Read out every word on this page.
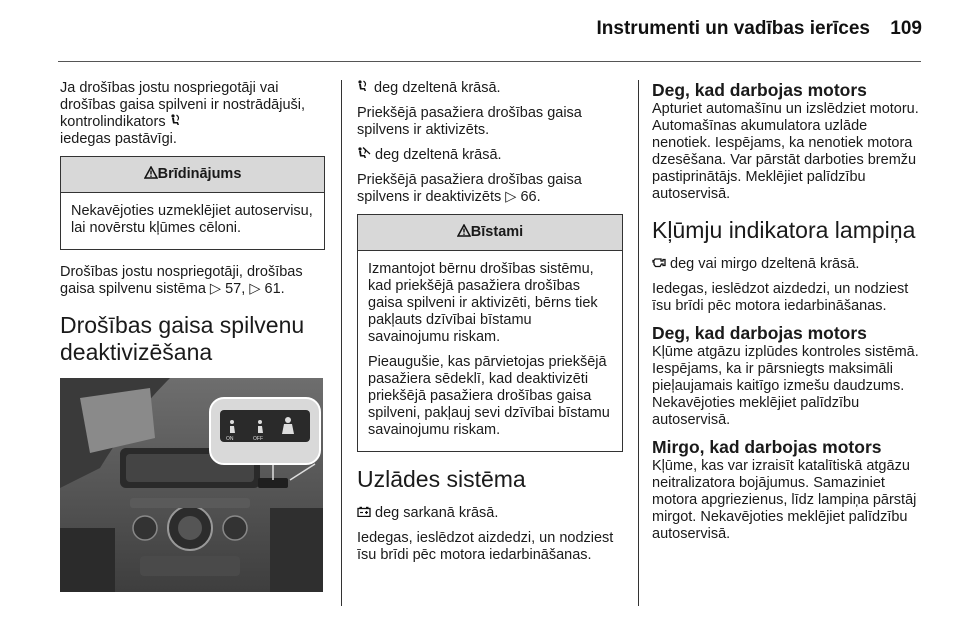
Instrumenti un vadības ierīces	109

Ja drošības jostu nospriegotāji vai drošības gaisa spilveni ir nostrādājuši, kontrolindikators
iedegas pastāvīgi.

Brīdinājums

Nekavējoties uzmeklējiet autoservisu, lai novērstu kļūmes cēloni.

Drošības jostu nospriegotāji, drošības gaisa spilvenu sistēma ▷ 57, ▷ 61.

Drošības gaisa spilvenu deaktivizēšana
ON	OFF

deg dzeltenā krāsā.

Priekšējā pasažiera drošības gaisa spilvens ir aktivizēts.

deg dzeltenā krāsā.

Priekšējā pasažiera drošības gaisa spilvens ir deaktivizēts ▷ 66.

Bīstami

Izmantojot bērnu drošības sistēmu, kad priekšējā pasažiera drošības gaisa spilveni ir aktivizēti, bērns tiek pakļauts dzīvībai bīstamu savainojumu riskam.

Pieaugušie, kas pārvietojas priekšējā pasažiera sēdeklī, kad deaktivizēti priekšējā pasažiera drošības gaisa spilveni, pakļauj sevi dzīvībai bīstamu savainojumu riskam.

Uzlādes sistēma

deg sarkanā krāsā.

Iedegas, ieslēdzot aizdedzi, un nodziest īsu brīdi pēc motora iedarbināšanas.

Deg, kad darbojas motors

Apturiet automašīnu un izslēdziet motoru. Automašīnas akumulatora uzlāde nenotiek. Iespējams, ka nenotiek motora dzesēšana. Var pārstāt darboties bremžu pastiprinātājs. Meklējiet palīdzību autoservisā.

Kļūmju indikatora lampiņa

deg vai mirgo dzeltenā krāsā.

Iedegas, ieslēdzot aizdedzi, un nodziest īsu brīdi pēc motora iedarbināšanas.

Deg, kad darbojas motors

Kļūme atgāzu izplūdes kontroles sistēmā. Iespējams, ka ir pārsniegts maksimāli pieļaujamais kaitīgo izmešu daudzums. Nekavējoties meklējiet palīdzību autoservisā.

Mirgo, kad darbojas motors

Kļūme, kas var izraisīt katalītiskā atgāzu neitralizatora bojājumus. Samaziniet motora apgriezienus, līdz lampiņa pārstāj mirgot. Nekavējoties meklējiet palīdzību autoservisā.
